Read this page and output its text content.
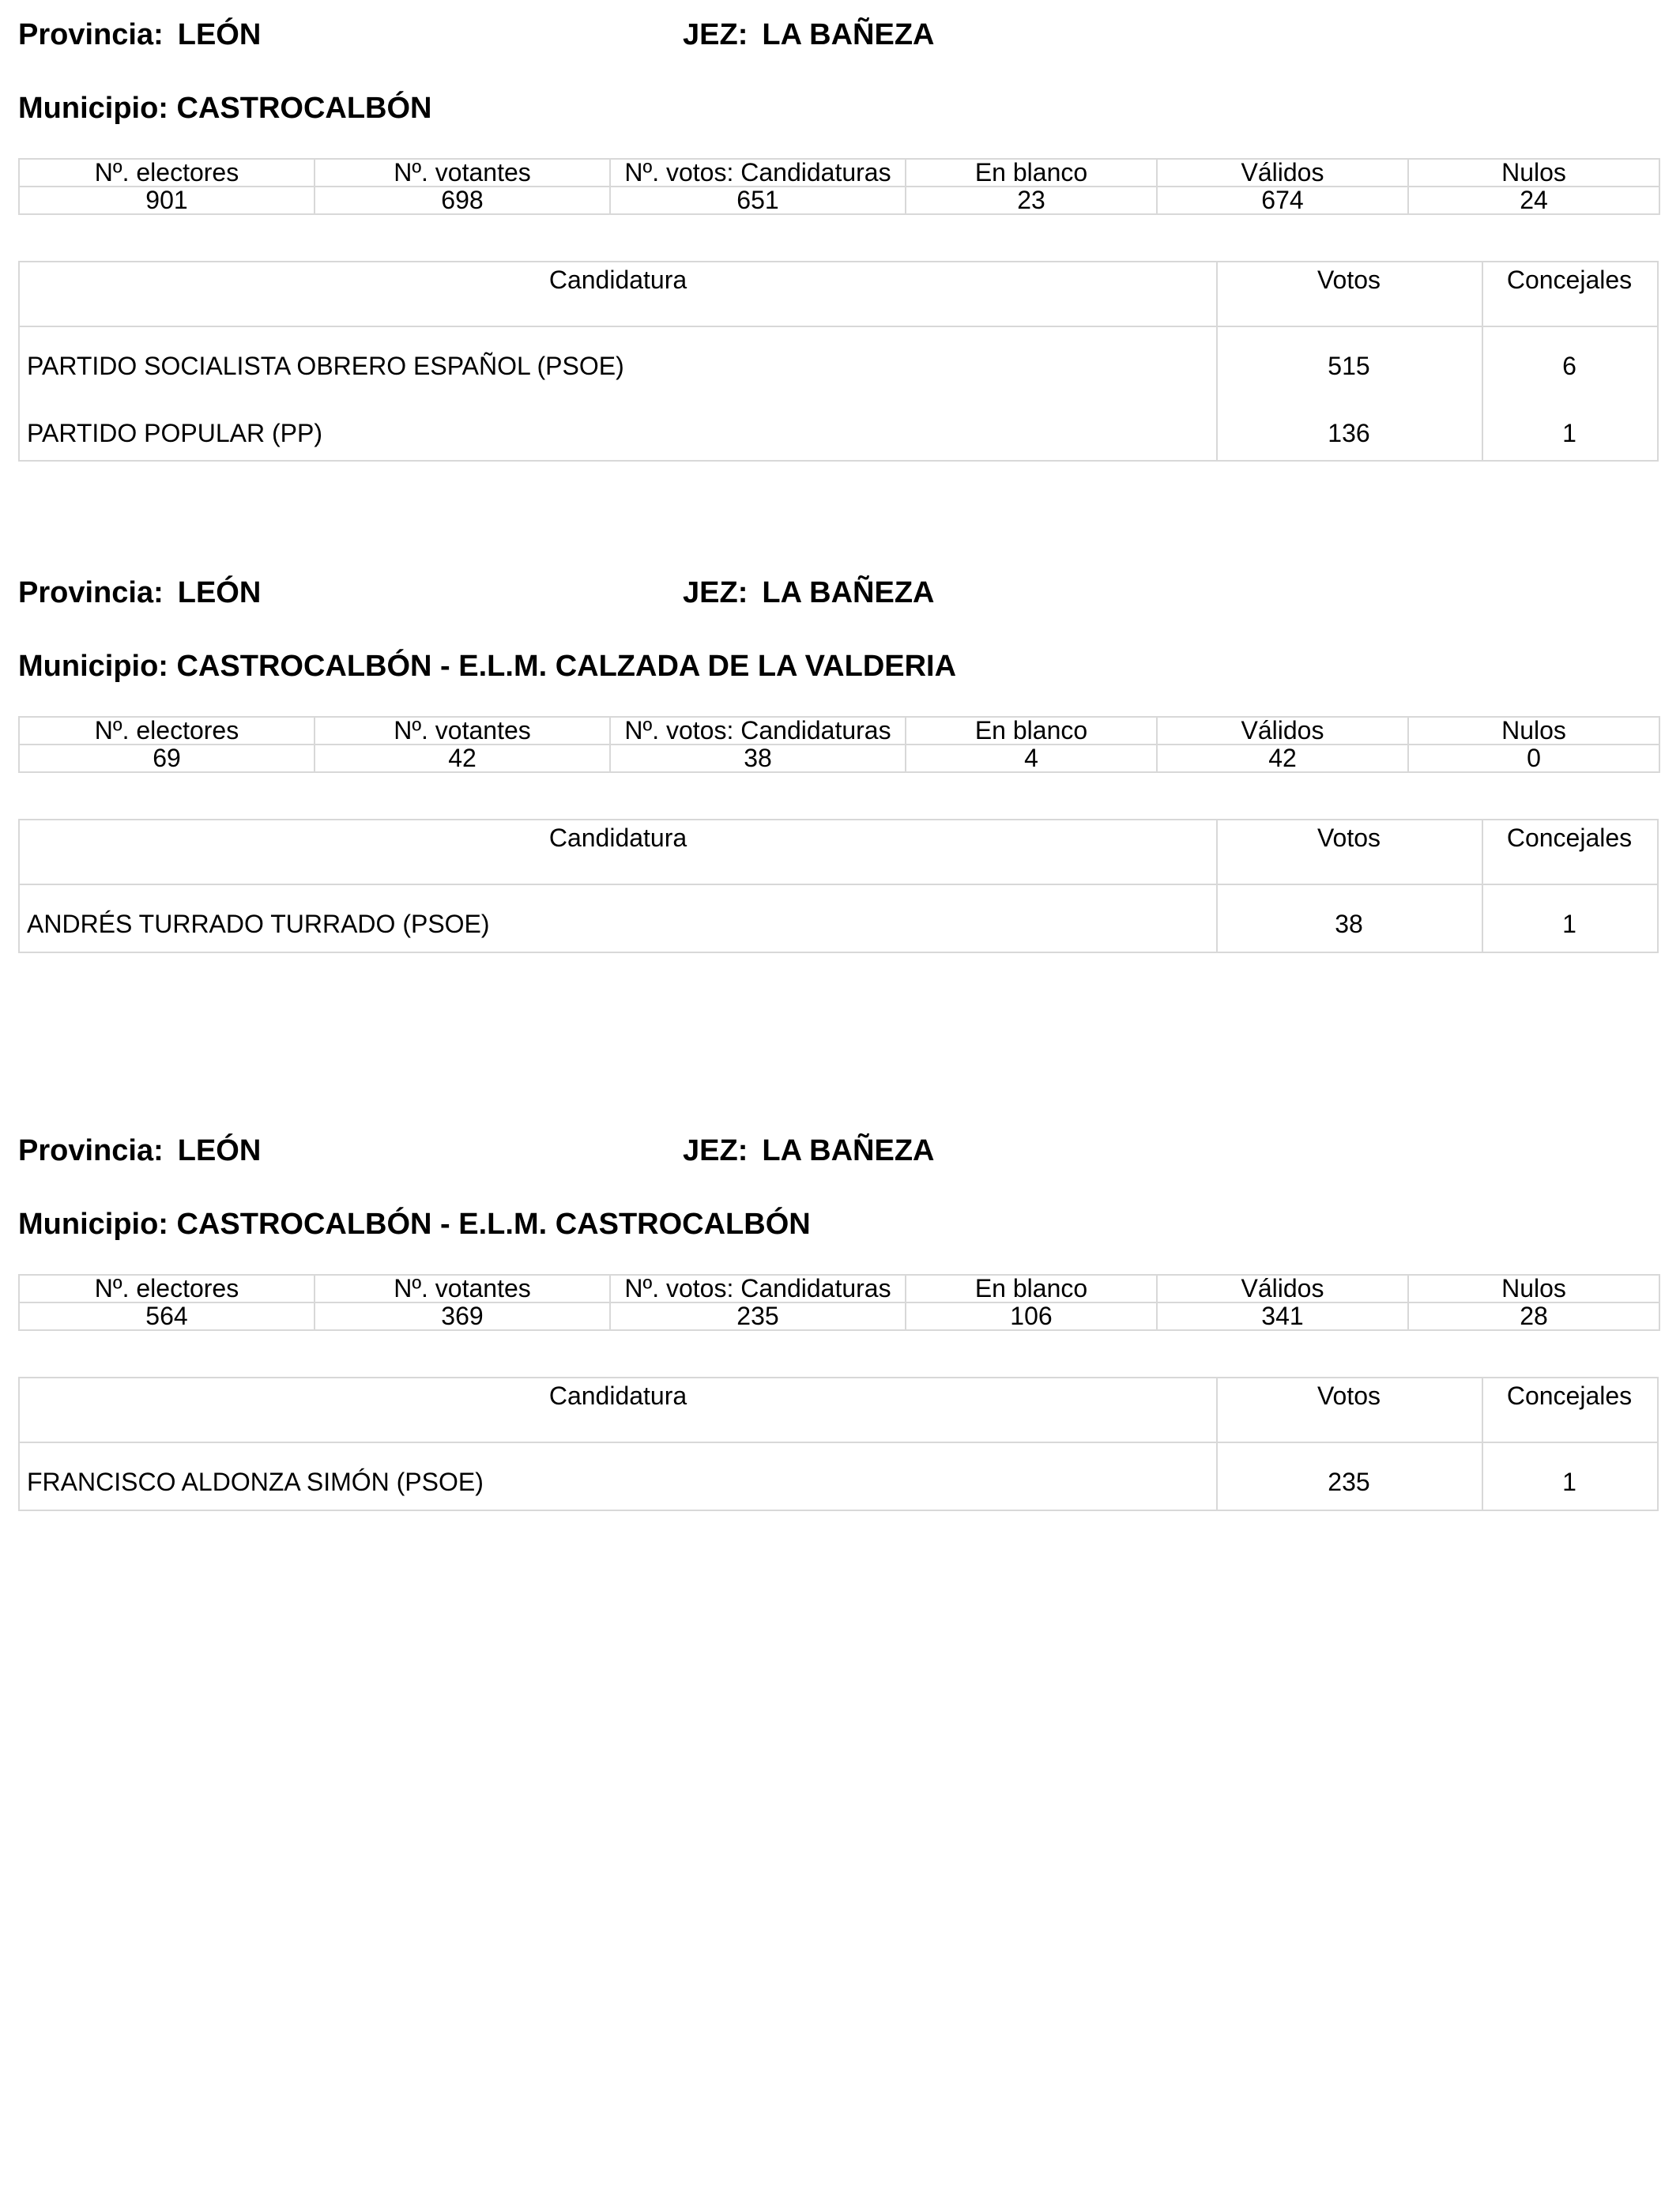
Provincia: LEÓN	JEZ: LA BAÑEZA
Municipio: CASTROCALBÓN
Nº. electores	Nº. votantes	Nº. votos: Candidaturas	En blanco	Válidos	Nulos
901	698	651	23	674	24
Candidatura	Votos	Concejales
PARTIDO SOCIALISTA OBRERO ESPAÑOL (PSOE)	515	6
PARTIDO POPULAR (PP)	136	1
Provincia: LEÓN	JEZ: LA BAÑEZA
Municipio: CASTROCALBÓN - E.L.M. CALZADA DE LA VALDERIA
Nº. electores	Nº. votantes	Nº. votos: Candidaturas	En blanco	Válidos	Nulos
69	42	38	4	42	0
Candidatura	Votos	Concejales
ANDRÉS TURRADO TURRADO (PSOE)	38	1
Provincia: LEÓN	JEZ: LA BAÑEZA
Municipio: CASTROCALBÓN - E.L.M. CASTROCALBÓN
Nº. electores	Nº. votantes	Nº. votos: Candidaturas	En blanco	Válidos	Nulos
564	369	235	106	341	28
Candidatura	Votos	Concejales
FRANCISCO ALDONZA SIMÓN (PSOE)	235	1
